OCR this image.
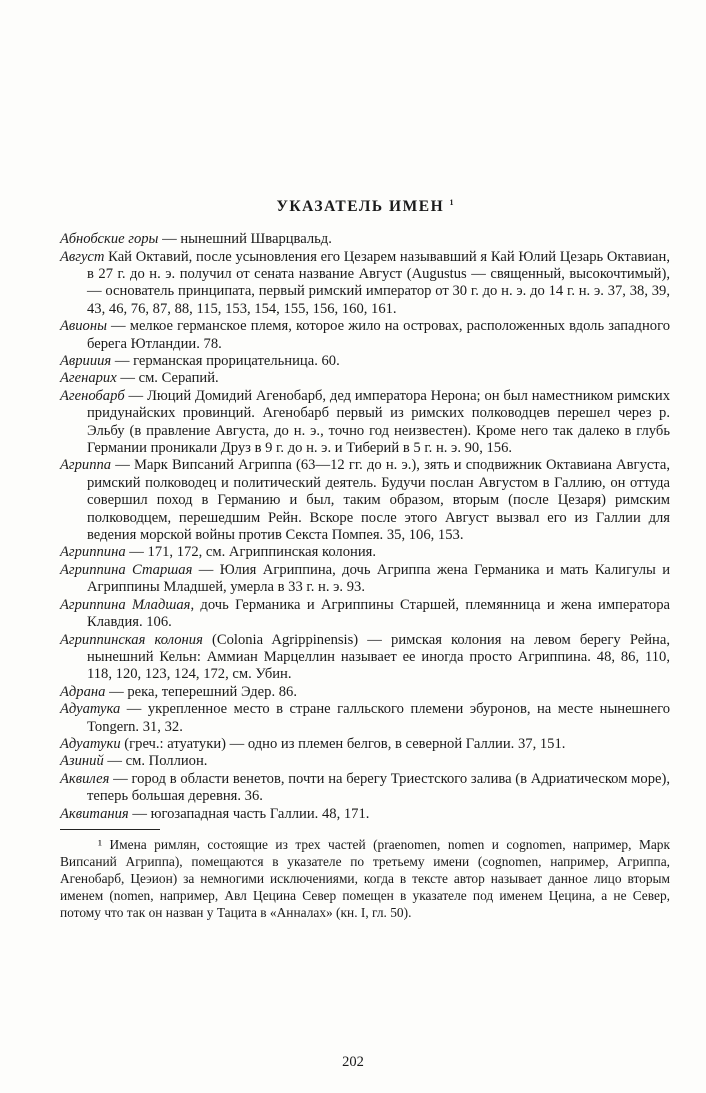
УКАЗАТЕЛЬ ИМЕН $^1$

Абнобские горы — нынешний Шварцвальд.

Август Кай Октавий, после усыновления его Цезарем называвший я Кай Юлий Цезарь Октавиан, в 27 г. до н. э. получил от сената название Август (Augustus — священный, высокочтимый), — основатель принципата, первый римский император от 30 г. до н. э. до 14 г. н. э. 37, 38, 39, 43, 46, 76, 87, 88, 115, 153, 154, 155, 156, 160, 161.

Авионы — мелкое германское племя, которое жило на островах, расположенных вдоль западного берега Ютландии. 78.

Аврииия — германская прорицательница. 60.

Агенарих — см. Серапий.

Агенобарб — Люций Домидий Агенобарб, дед императора Нерона; он был наместником римских придунайских провинций. Агенобарб первый из римских полководцев перешел через р. Эльбу (в правление Августа, до н. э., точно год неизвестен). Кроме него так далеко в глубь Германии проникали Друз в 9 г. до н. э. и Тиберий в 5 г. н. э. 90, 156.

Агриппа — Марк Випсаний Агриппа (63—12 гг. до н. э.), зять и сподвижник Октавиана Августа, римский полководец и политический деятель. Будучи послан Августом в Галлию, он оттуда совершил поход в Германию и был, таким образом, вторым (после Цезаря) римским полководцем, перешедшим Рейн. Вскоре после этого Август вызвал его из Галлии для ведения морской войны против Секста Помпея. 35, 106, 153.

Агриппина — 171, 172, см. Агриппинская колония.

Агриппина Старшая — Юлия Агриппина, дочь Агриппа жена Германика и мать Калигулы и Агриппины Младшей, умерла в 33 г. н. э. 93.

Агриппина Младшая, дочь Германика и Агриппины Старшей, племянница и жена императора Клавдия. 106.

Агриппинская колония (Colonia Agrippinensis) — римская колония на левом берегу Рейна, нынешний Кельн: Аммиан Марцеллин называет ее иногда просто Агриппина. 48, 86, 110, 118, 120, 123, 124, 172, см. Убин.

Адрана — река, теперешний Эдер. 86.

Адуатука — укрепленное место в стране галльского племени эбуронов, на месте нынешнего Tongern. 31, 32.

Адуатуки (греч.: атуатуки) — одно из племен белгов, в северной Галлии. 37, 151.

Азиний — см. Поллион.

Аквилея — город в области венетов, почти на берегу Триестского залива (в Адриатическом море), теперь большая деревня. 36.

Аквитания — югозападная часть Галлии. 48, 171.

¹ Имена римлян, состоящие из трех частей (praenomen, nomen и cognomen, например, Марк Випсаний Агриппа), помещаются в указателе по третьему имени (cognomen, например, Агриппа, Агенобарб, Цеэион) за немногими исключениями, когда в тексте автор называет данное лицо вторым именем (nomen, например, Авл Цецина Север помещен в указателе под именем Цецина, а не Север, потому что так он назван у Тацита в «Анналах» (кн. I, гл. 50).

202
